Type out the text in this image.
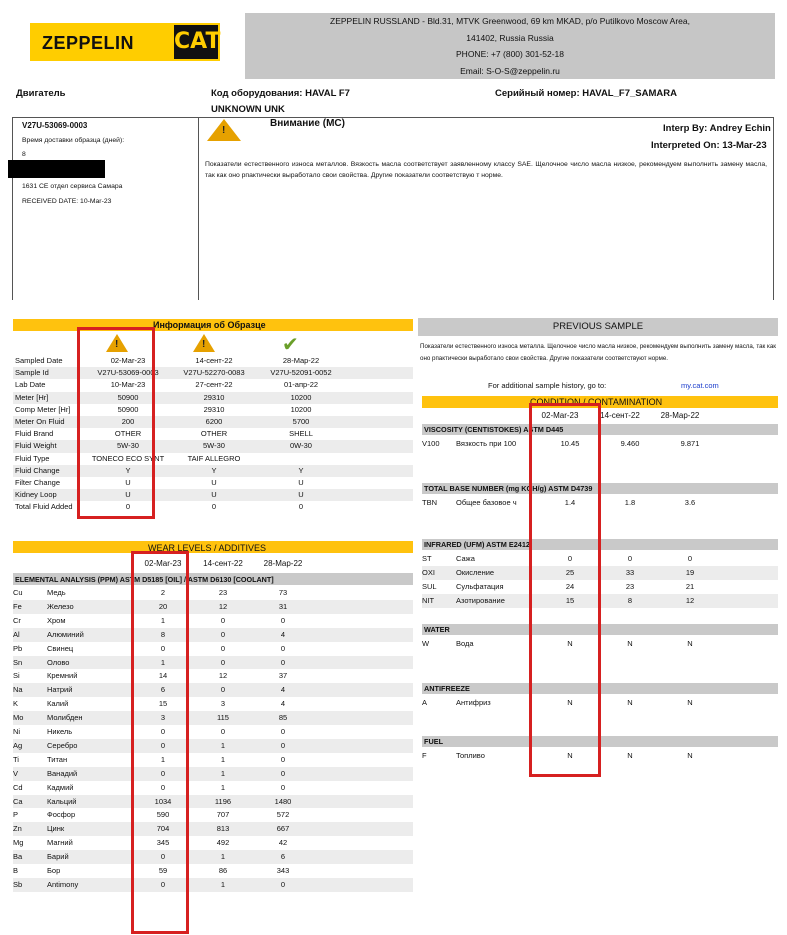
ZEPPELIN CAT
ZEPPELIN RUSSLAND - Bld.31, MTVK Greenwood, 69 km MKAD, p/o Putilkovo Moscow Area,
141402, Russia Russia
PHONE: +7 (800) 301-52-18
Email: S-O-S@zeppelin.ru
Двигатель	Код оборудования: HAVAL F7
UNKNOWN UNK
Серийный номер: HAVAL_F7_SAMARA
V27U-53069-0003
Время доставки образца (дней):
8
1631 CE отдел сервиса Самара
RECEIVED DATE: 10-Mar-23
!
Внимание (MC)	Interp By: Andrey Echin
Interpreted On: 13-Mar-23
Показатели естественного износа металлов. Вязкость масла соответствует заявленному классу SAE. Щелочное число масла низкое, рекомендуем выполнить замену масла, так как оно рпактически выработало свои свойства. Другие показатели соответствую т норме.
Информация об Образце
!	!	✔
Sampled Date	02-Mar-23	14-сент-22	28-Map-22
Sample Id	V27U-53069-0003	V27U-52270-0083	V27U-52091-0052
Lab Date	10-Mar-23	27-сент-22	01-апр-22
Meter [Hr]	50900	29310	10200
Comp Meter [Hr]	50900	29310	10200
Meter On Fluid	200	6200	5700
Fluid Brand	OTHER	OTHER	SHELL
Fluid Weight	5W-30	5W-30	0W-30
Fluid Type	TONECO ECO SYNT	TAIF ALLEGRO
Fluid Change	Y	Y	Y
Filter Change	U	U	U
Kidney Loop	U	U	U
Total Fluid Added	0	0	0
WEAR LEVELS / ADDITIVES
02-Mar-23	14-сент-22	28-Map-22
ELEMENTAL ANALYSIS (PPM) ASTM D5185 [OIL] / ASTM D6130 [COOLANT]
Cu	Медь	2	23	73
Fe	Железо	20	12	31
Cr	Хром	1	0	0
Al	Алюминий	8	0	4
Pb	Свинец	0	0	0
Sn	Олово	1	0	0
Si	Кремний	14	12	37
Na	Натрий	6	0	4
K	Калий	15	3	4
Mo	Молибден	3	115	85
Ni	Никель	0	0	0
Ag	Серебро	0	1	0
Ti	Титан	1	1	0
V	Ванадий	0	1	0
Cd	Кадмий	0	1	0
Ca	Кальций	1034	1196	1480
P	Фосфор	590	707	572
Zn	Цинк	704	813	667
Mg	Магний	345	492	42
Ba	Барий	0	1	6
B	Бор	59	86	343
Sb	Antimony	0	1	0
PREVIOUS SAMPLE
Показатели естественного износа металла. Щелочное число масла низкое, рекомендуем выполнить замену масла, так как оно рпактически выработало свои свойства. Другие показатели соответствуют норме.
For additional sample history, go to:	my.cat.com
CONDITION / CONTAMINATION
02-Mar-23	14-сент-22	28-Map-22
VISCOSITY (CENTISTOKES) ASTM D445
V100 Вязкость при 100	10.45	9.460	9.871
TOTAL BASE NUMBER (mg KOH/g) ASTM D4739
TBN	Общее базовое ч	1.4	1.8	3.6
INFRARED (UFM) ASTM E2412
ST	Сажа	0	0	0
OXI	Окисление	25	33	19
SUL	Сульфатация	24	23	21
NIT	Азотирование	15	8	12
WATER
W	Вода	N	N	N
ANTIFREEZE
A	Антифриз	N	N	N
FUEL
F	Топливо	N	N	N
